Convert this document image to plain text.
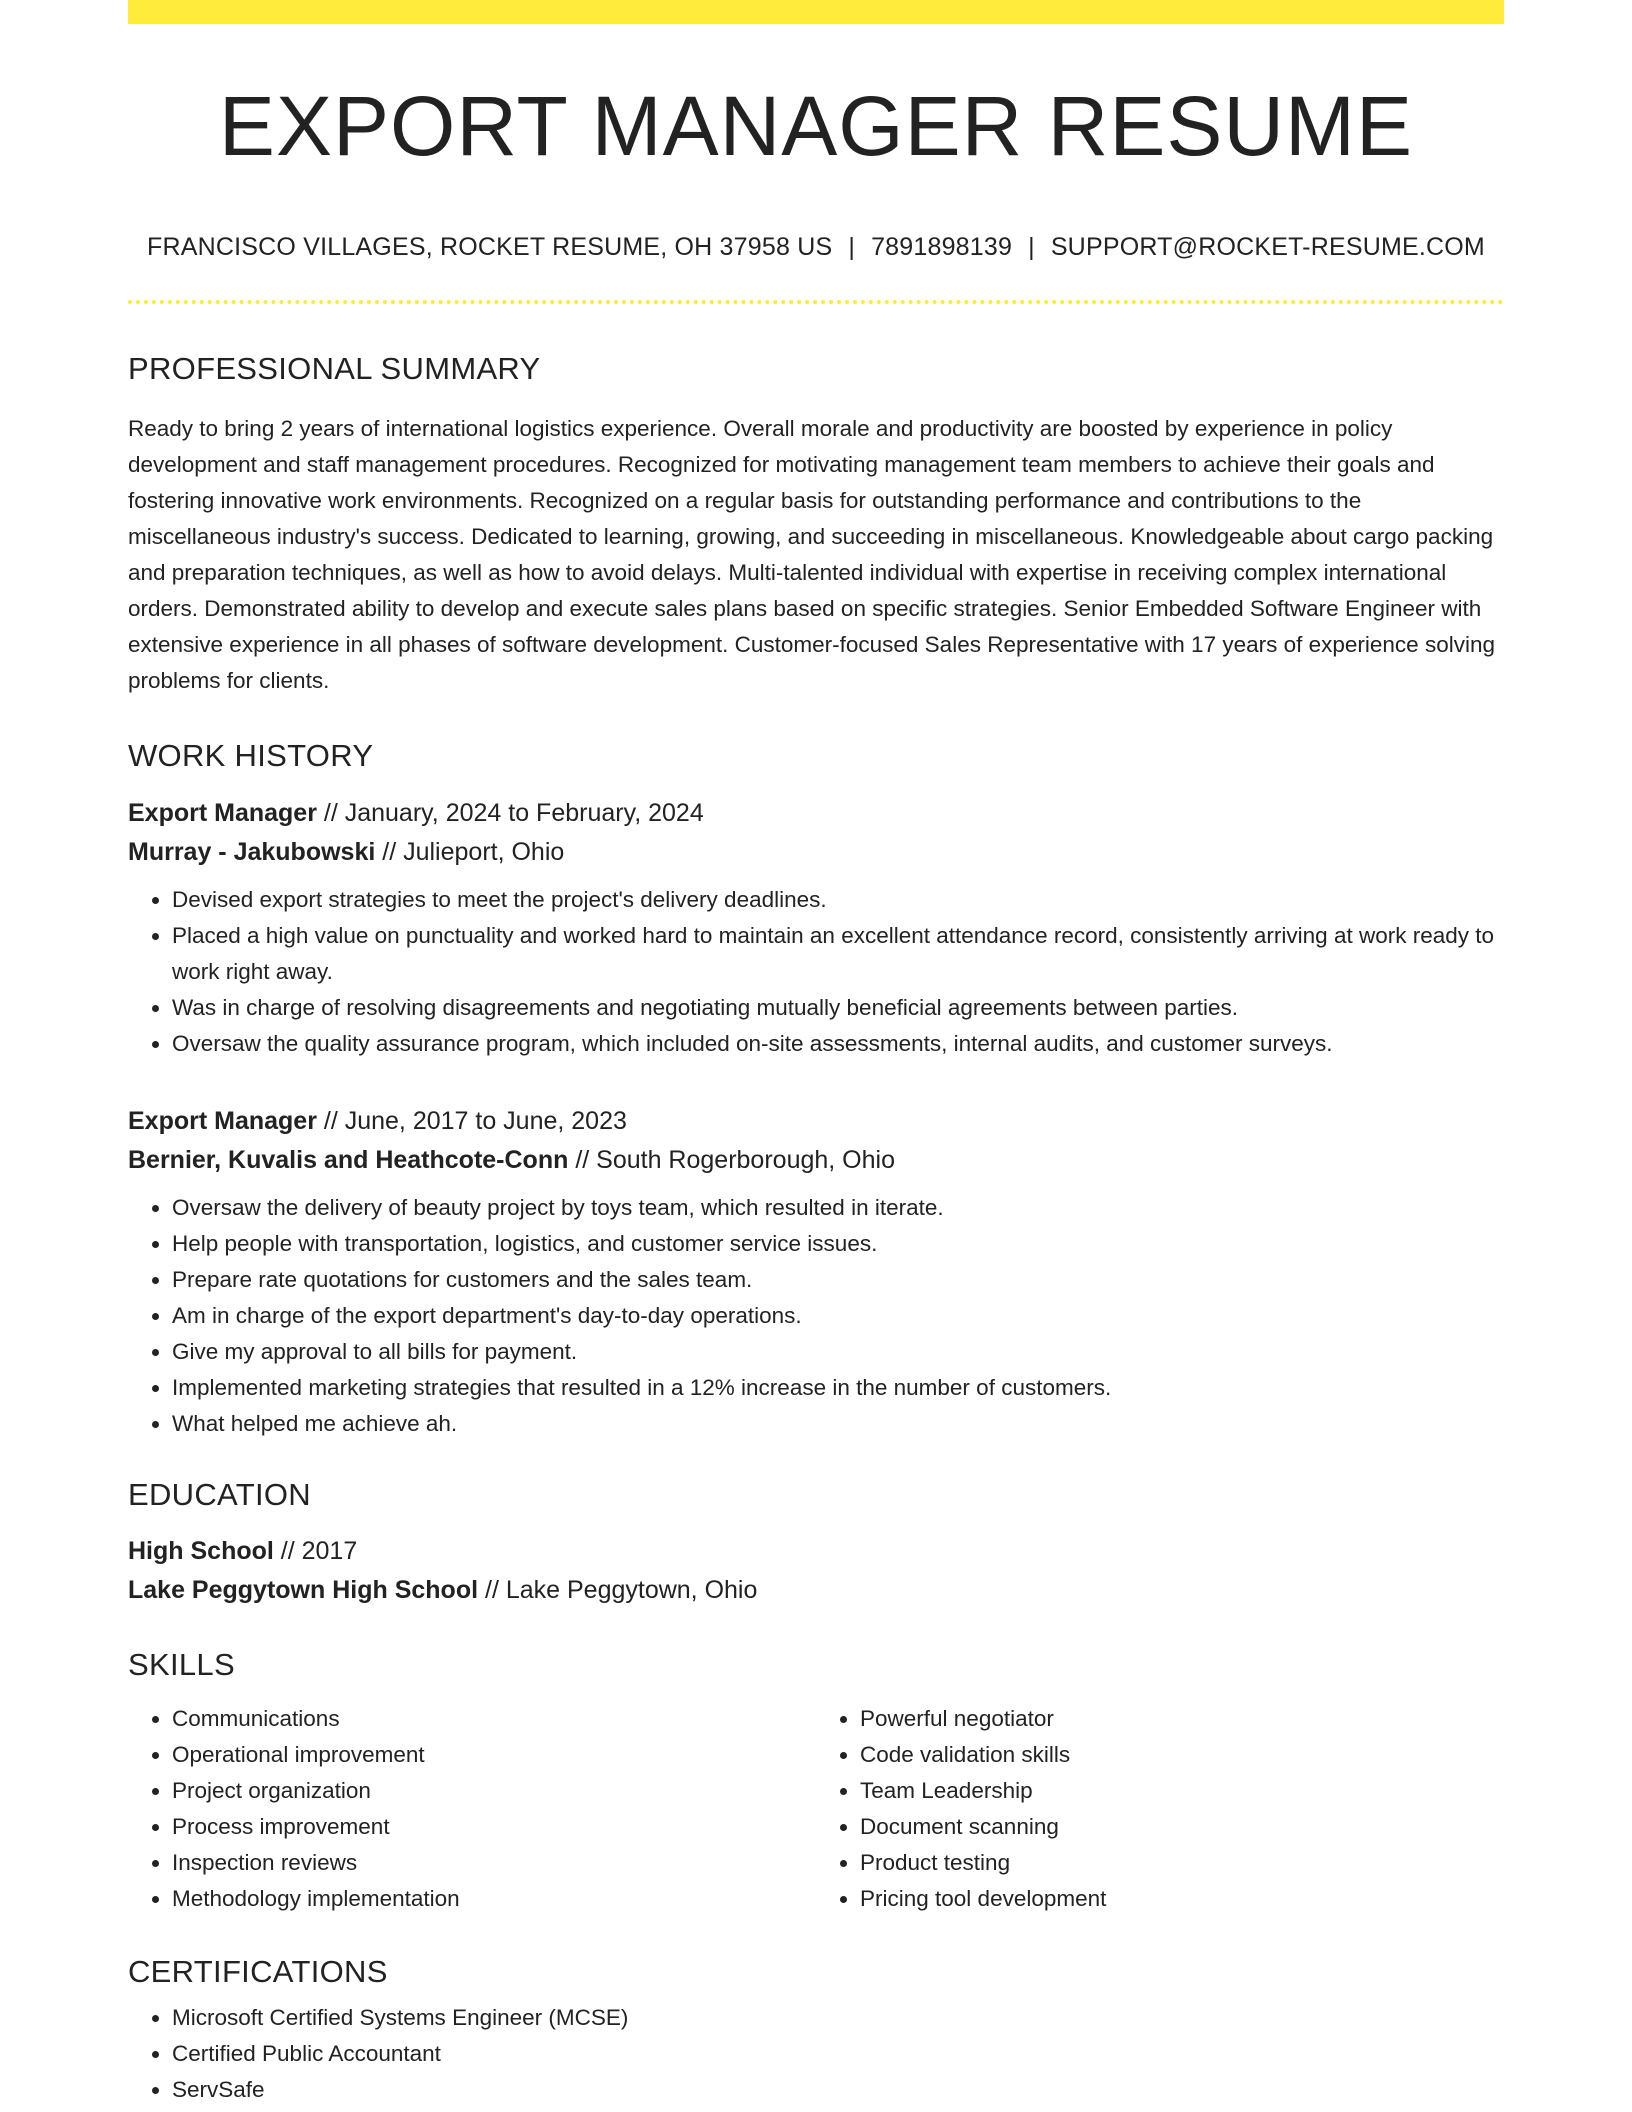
EXPORT MANAGER RESUME
FRANCISCO VILLAGES, ROCKET RESUME, OH 37958 US | 7891898139 | SUPPORT@ROCKET-RESUME.COM
PROFESSIONAL SUMMARY
Ready to bring 2 years of international logistics experience. Overall morale and productivity are boosted by experience in policy development and staff management procedures. Recognized for motivating management team members to achieve their goals and fostering innovative work environments. Recognized on a regular basis for outstanding performance and contributions to the miscellaneous industry's success. Dedicated to learning, growing, and succeeding in miscellaneous. Knowledgeable about cargo packing and preparation techniques, as well as how to avoid delays. Multi-talented individual with expertise in receiving complex international orders. Demonstrated ability to develop and execute sales plans based on specific strategies. Senior Embedded Software Engineer with extensive experience in all phases of software development. Customer-focused Sales Representative with 17 years of experience solving problems for clients.
WORK HISTORY
Export Manager // January, 2024 to February, 2024
Murray - Jakubowski // Julieport, Ohio
• Devised export strategies to meet the project's delivery deadlines.
• Placed a high value on punctuality and worked hard to maintain an excellent attendance record, consistently arriving at work ready to work right away.
• Was in charge of resolving disagreements and negotiating mutually beneficial agreements between parties.
• Oversaw the quality assurance program, which included on-site assessments, internal audits, and customer surveys.
Export Manager // June, 2017 to June, 2023
Bernier, Kuvalis and Heathcote-Conn // South Rogerborough, Ohio
• Oversaw the delivery of beauty project by toys team, which resulted in iterate.
• Help people with transportation, logistics, and customer service issues.
• Prepare rate quotations for customers and the sales team.
• Am in charge of the export department's day-to-day operations.
• Give my approval to all bills for payment.
• Implemented marketing strategies that resulted in a 12% increase in the number of customers.
• What helped me achieve ah.
EDUCATION
High School // 2017
Lake Peggytown High School // Lake Peggytown, Ohio
SKILLS
• Communications
• Operational improvement
• Project organization
• Process improvement
• Inspection reviews
• Methodology implementation
• Powerful negotiator
• Code validation skills
• Team Leadership
• Document scanning
• Product testing
• Pricing tool development
CERTIFICATIONS
• Microsoft Certified Systems Engineer (MCSE)
• Certified Public Accountant
• ServSafe
